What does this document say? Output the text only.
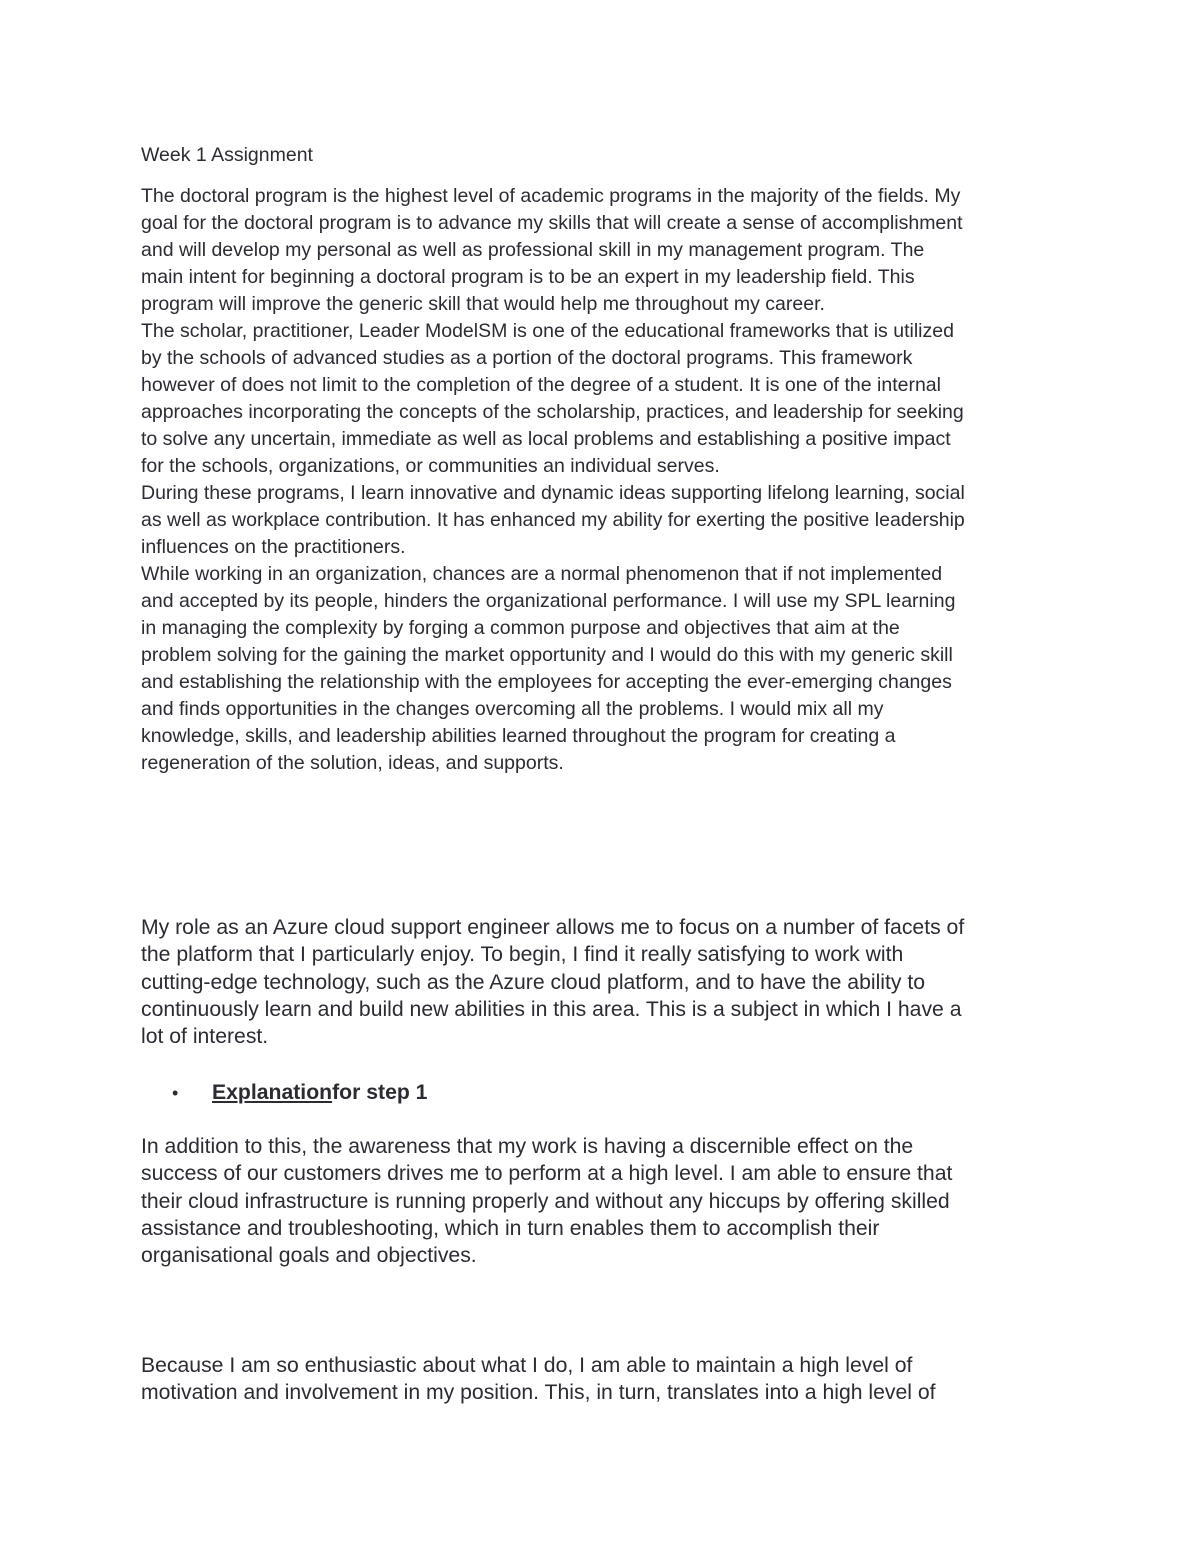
Week 1 Assignment
The doctoral program is the highest level of academic programs in the majority of the fields. My
goal for the doctoral program is to advance my skills that will create a sense of accomplishment
and will develop my personal as well as professional skill in my management program. The
main intent for beginning a doctoral program is to be an expert in my leadership field. This
program will improve the generic skill that would help me throughout my career.
The scholar, practitioner, Leader ModelSM is one of the educational frameworks that is utilized
by the schools of advanced studies as a portion of the doctoral programs. This framework
however of does not limit to the completion of the degree of a student. It is one of the internal
approaches incorporating the concepts of the scholarship, practices, and leadership for seeking
to solve any uncertain, immediate as well as local problems and establishing a positive impact
for the schools, organizations, or communities an individual serves.
During these programs, I learn innovative and dynamic ideas supporting lifelong learning, social
as well as workplace contribution. It has enhanced my ability for exerting the positive leadership
influences on the practitioners.
While working in an organization, chances are a normal phenomenon that if not implemented
and accepted by its people, hinders the organizational performance. I will use my SPL learning
in managing the complexity by forging a common purpose and objectives that aim at the
problem solving for the gaining the market opportunity and I would do this with my generic skill
and establishing the relationship with the employees for accepting the ever-emerging changes
and finds opportunities in the changes overcoming all the problems. I would mix all my
knowledge, skills, and leadership abilities learned throughout the program for creating a
regeneration of the solution, ideas, and supports.
My role as an Azure cloud support engineer allows me to focus on a number of facets of
the platform that I particularly enjoy. To begin, I find it really satisfying to work with
cutting-edge technology, such as the Azure cloud platform, and to have the ability to
continuously learn and build new abilities in this area. This is a subject in which I have a
lot of interest.
• Explanationfor step 1
In addition to this, the awareness that my work is having a discernible effect on the
success of our customers drives me to perform at a high level. I am able to ensure that
their cloud infrastructure is running properly and without any hiccups by offering skilled
assistance and troubleshooting, which in turn enables them to accomplish their
organisational goals and objectives.
Because I am so enthusiastic about what I do, I am able to maintain a high level of
motivation and involvement in my position. This, in turn, translates into a high level of
